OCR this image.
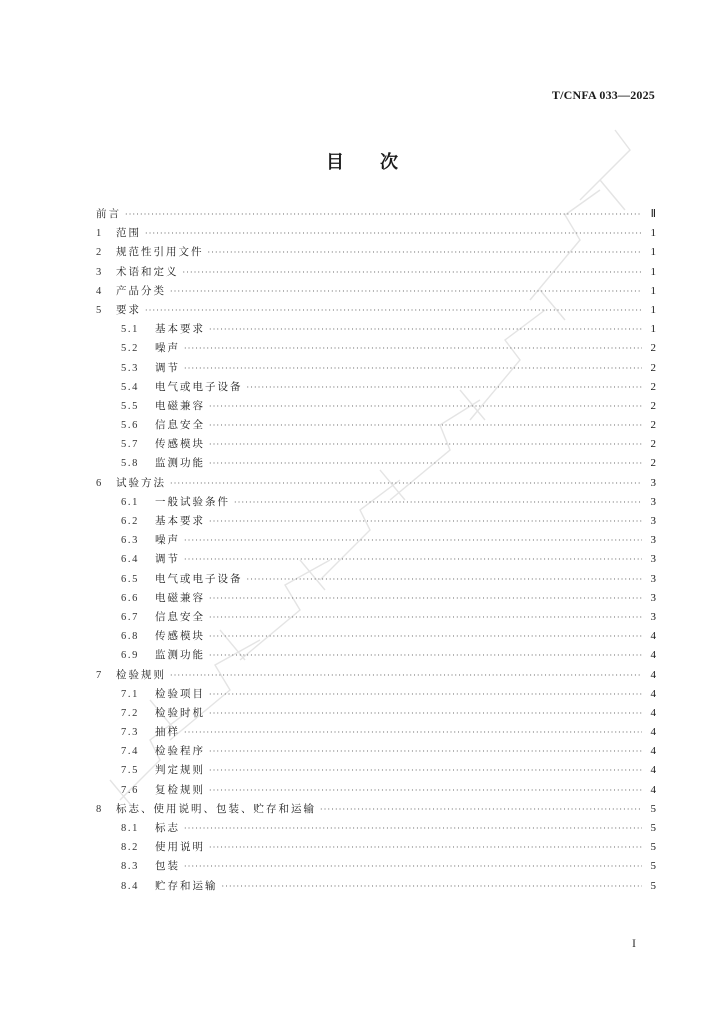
T/CNFA 033—2025
目 次
前言 ·····	Ⅱ
1	范围 ·····	1
2	规范性引用文件 ·····	1
3	术语和定义 ·····	1
4	产品分类 ·····	1
5	要求 ·····	1
5.1	基本要求 ·····	1
5.2	噪声 ·····	2
5.3	调节 ·····	2
5.4	电气或电子设备 ·····	2
5.5	电磁兼容 ·····	2
5.6	信息安全 ·····	2
5.7	传感模块 ·····	2
5.8	监测功能 ·····	2
6	试验方法 ·····	3
6.1	一般试验条件 ·····	3
6.2	基本要求 ·····	3
6.3	噪声 ·····	3
6.4	调节 ·····	3
6.5	电气或电子设备 ·····	3
6.6	电磁兼容 ·····	3
6.7	信息安全 ·····	3
6.8	传感模块 ·····	4
6.9	监测功能 ·····	4
7	检验规则 ·····	4
7.1	检验项目 ·····	4
7.2	检验时机 ·····	4
7.3	抽样 ·····	4
7.4	检验程序 ·····	4
7.5	判定规则 ·····	4
7.6	复检规则 ·····	4
8	标志、使用说明、包装、贮存和运输 ·····	5
8.1	标志 ·····	5
8.2	使用说明 ·····	5
8.3	包装 ·····	5
8.4	贮存和运输 ·····	5
I
